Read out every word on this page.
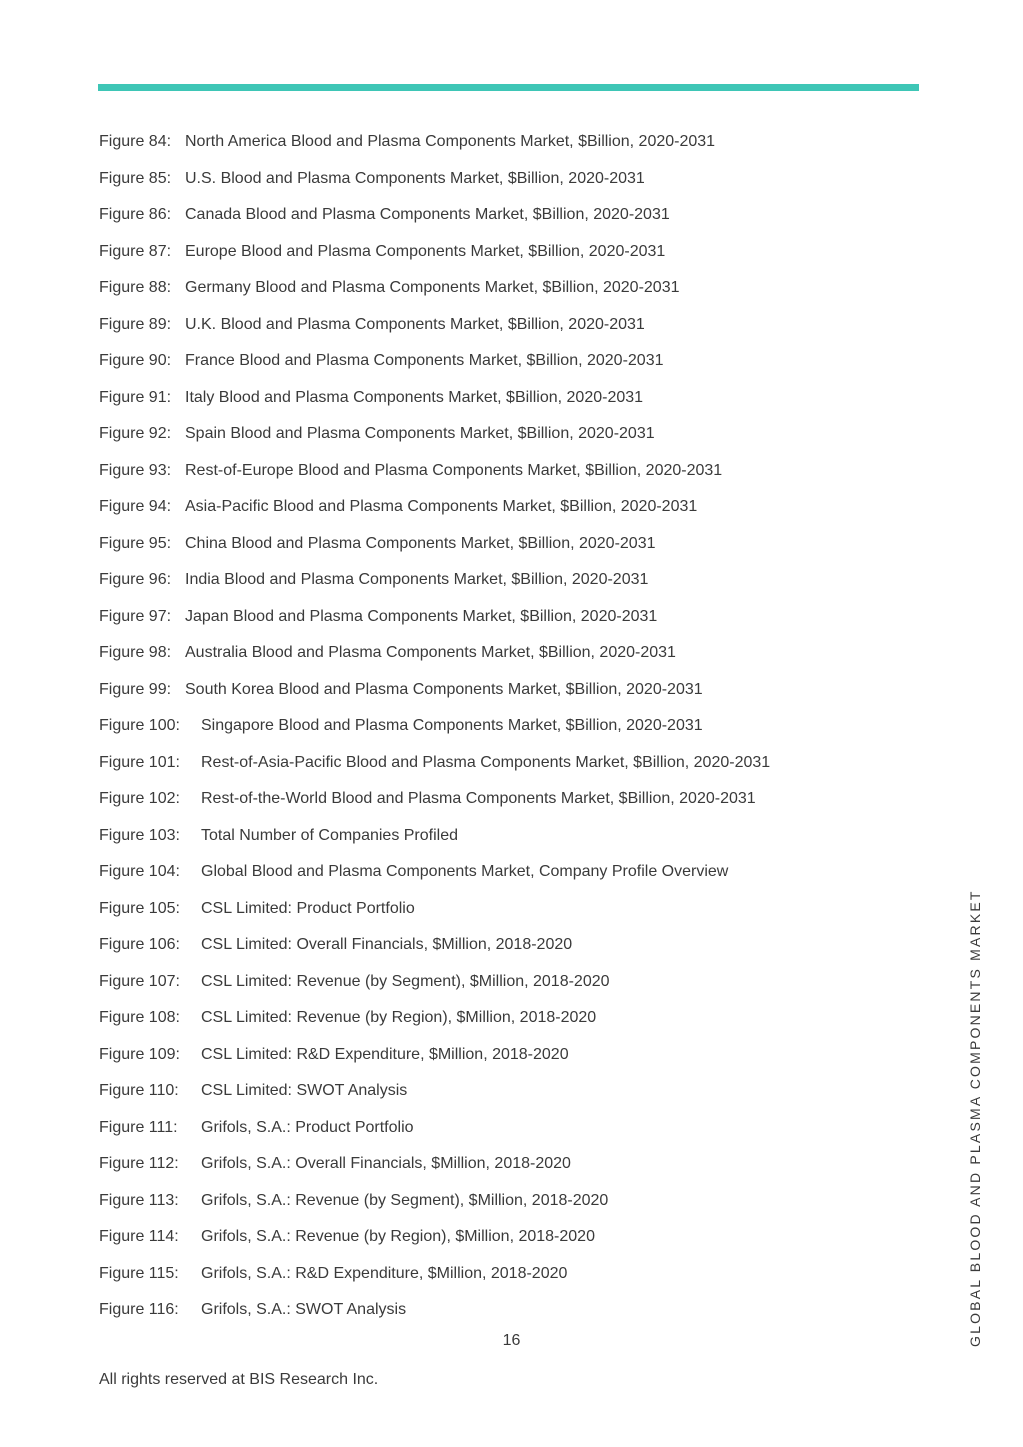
Figure 84: North America Blood and Plasma Components Market, $Billion, 2020-2031
Figure 85: U.S. Blood and Plasma Components Market, $Billion, 2020-2031
Figure 86: Canada Blood and Plasma Components Market, $Billion, 2020-2031
Figure 87: Europe Blood and Plasma Components Market, $Billion, 2020-2031
Figure 88: Germany Blood and Plasma Components Market, $Billion, 2020-2031
Figure 89: U.K. Blood and Plasma Components Market, $Billion, 2020-2031
Figure 90: France Blood and Plasma Components Market, $Billion, 2020-2031
Figure 91: Italy Blood and Plasma Components Market, $Billion, 2020-2031
Figure 92: Spain Blood and Plasma Components Market, $Billion, 2020-2031
Figure 93: Rest-of-Europe Blood and Plasma Components Market, $Billion, 2020-2031
Figure 94: Asia-Pacific Blood and Plasma Components Market, $Billion, 2020-2031
Figure 95: China Blood and Plasma Components Market, $Billion, 2020-2031
Figure 96: India Blood and Plasma Components Market, $Billion, 2020-2031
Figure 97: Japan Blood and Plasma Components Market, $Billion, 2020-2031
Figure 98: Australia Blood and Plasma Components Market, $Billion, 2020-2031
Figure 99: South Korea Blood and Plasma Components Market, $Billion, 2020-2031
Figure 100: Singapore Blood and Plasma Components Market, $Billion, 2020-2031
Figure 101: Rest-of-Asia-Pacific Blood and Plasma Components Market, $Billion, 2020-2031
Figure 102: Rest-of-the-World Blood and Plasma Components Market, $Billion, 2020-2031
Figure 103: Total Number of Companies Profiled
Figure 104: Global Blood and Plasma Components Market, Company Profile Overview
Figure 105: CSL Limited: Product Portfolio
Figure 106: CSL Limited: Overall Financials, $Million, 2018-2020
Figure 107: CSL Limited: Revenue (by Segment), $Million, 2018-2020
Figure 108: CSL Limited: Revenue (by Region), $Million, 2018-2020
Figure 109: CSL Limited: R&D Expenditure, $Million, 2018-2020
Figure 110: CSL Limited: SWOT Analysis
Figure 111: Grifols, S.A.: Product Portfolio
Figure 112: Grifols, S.A.: Overall Financials, $Million, 2018-2020
Figure 113: Grifols, S.A.: Revenue (by Segment), $Million, 2018-2020
Figure 114: Grifols, S.A.: Revenue (by Region), $Million, 2018-2020
Figure 115: Grifols, S.A.: R&D Expenditure, $Million, 2018-2020
Figure 116: Grifols, S.A.: SWOT Analysis
16
All rights reserved at BIS Research Inc.
GLOBAL BLOOD AND PLASMA COMPONENTS MARKET
